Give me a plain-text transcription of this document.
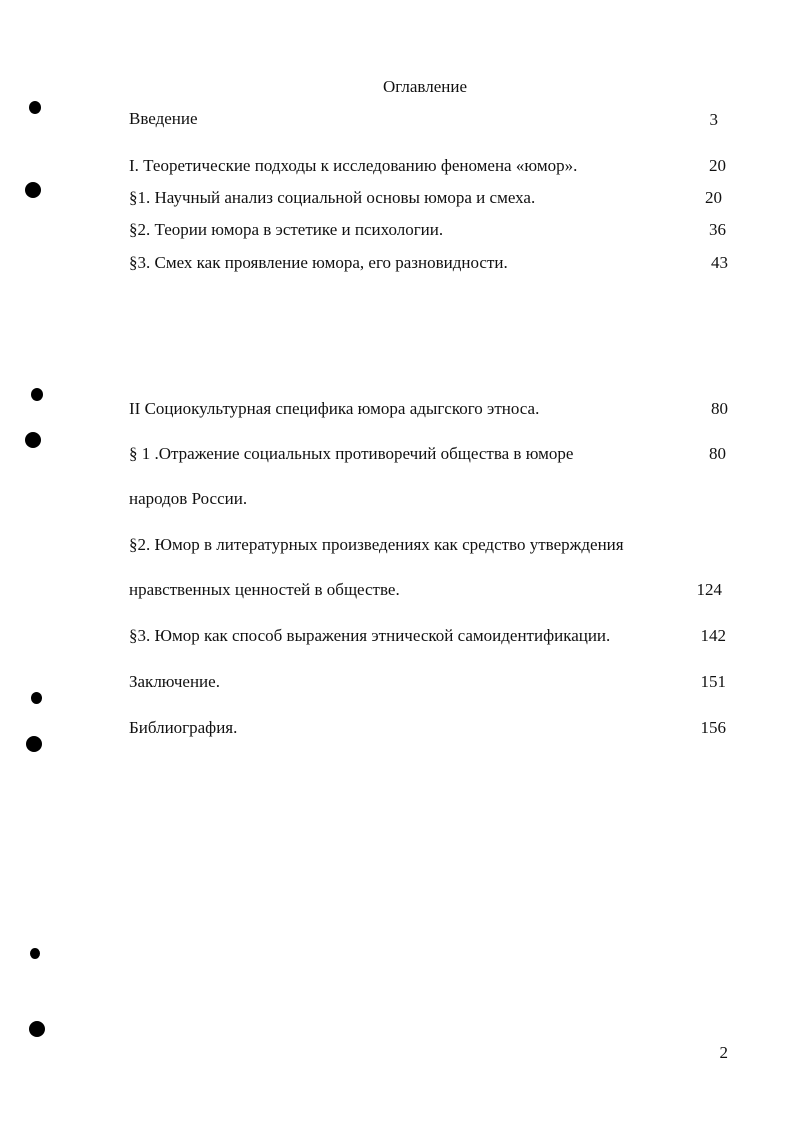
Оглавление
Введение	3
I. Теоретические подходы к исследованию феномена «юмор».	20
§1. Научный анализ социальной основы юмора и смеха.	20
§2. Теории юмора в эстетике и психологии.	36
§3. Смех как проявление юмора, его разновидности.	43
II Социокультурная специфика юмора адыгского этноса.	80
§ 1 .Отражение социальных противоречий общества в юморе	80
народов России.
§2. Юмор в литературных произведениях как средство утверждения
нравственных ценностей в обществе.	124
§3. Юмор как способ выражения этнической самоидентификации.	142
Заключение.	151
Библиография.	156
2
